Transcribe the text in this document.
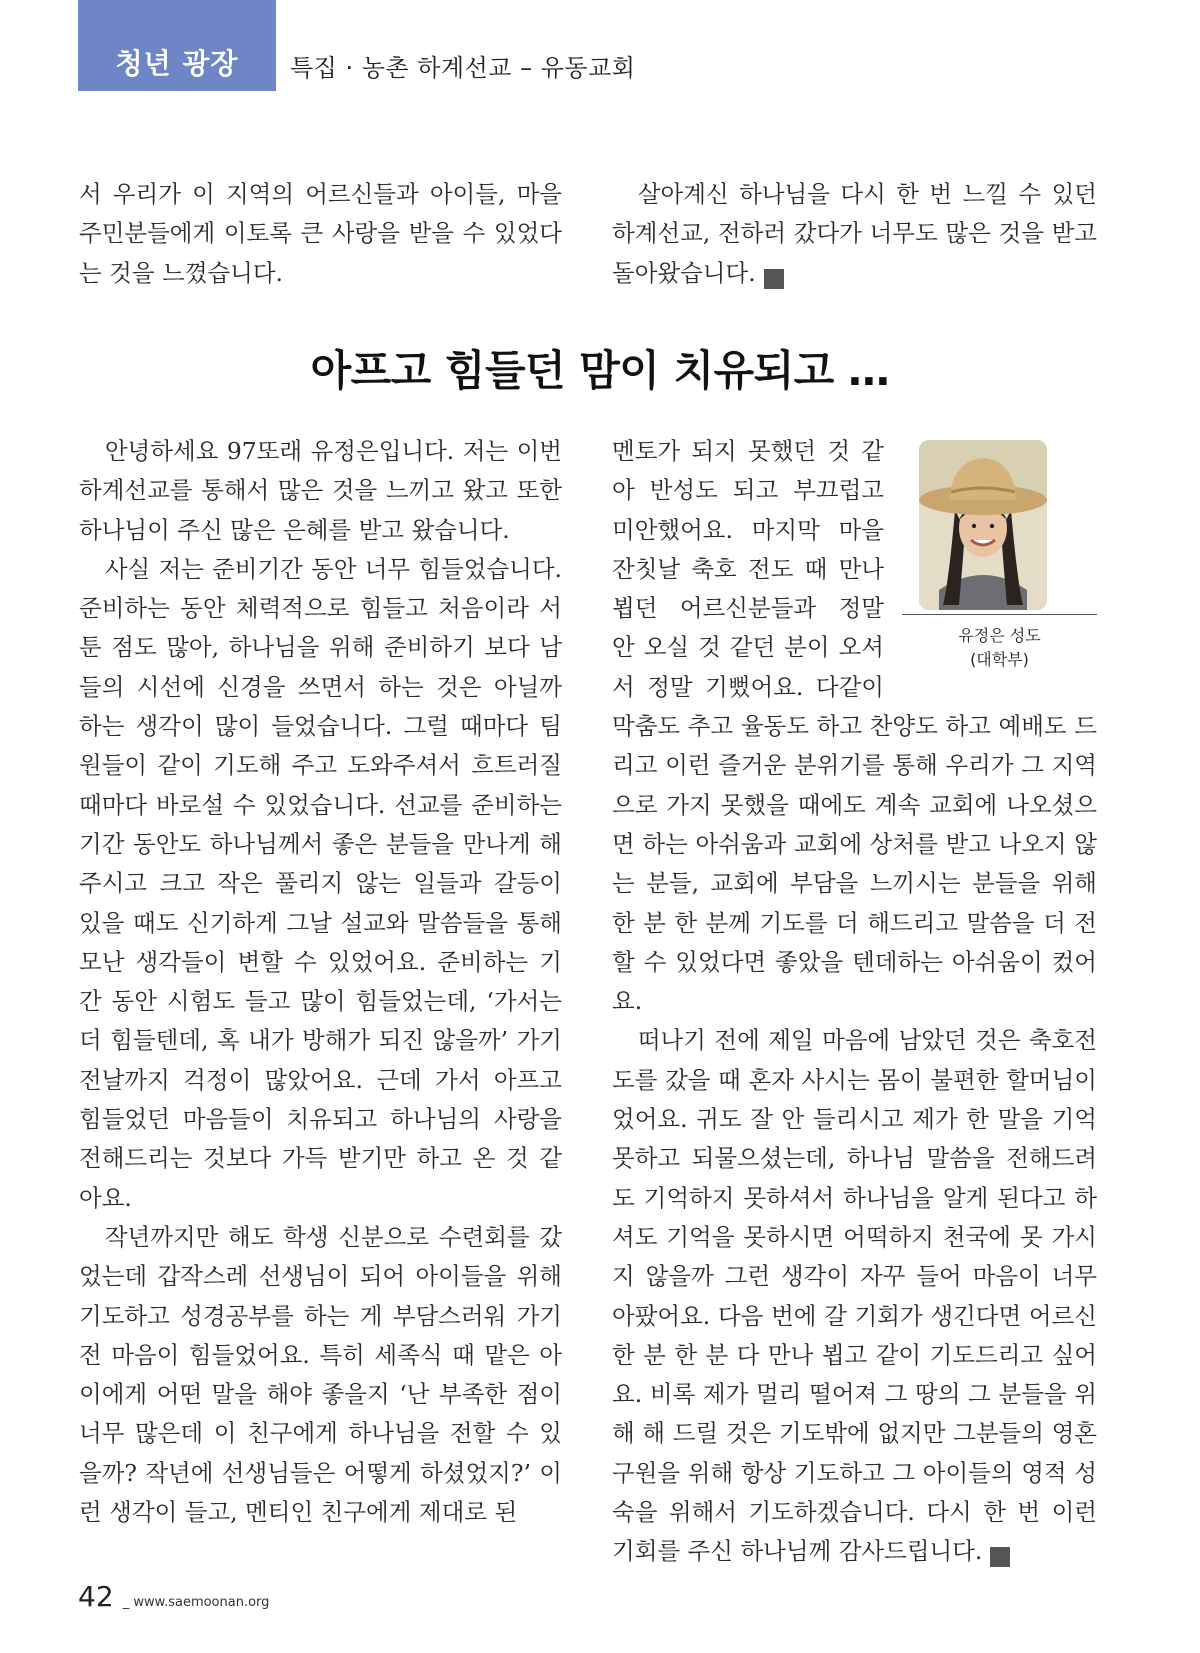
청년 광장	특집 · 농촌 하계선교 – 유동교회

서 우리가 이 지역의 어르신들과 아이들, 마을 주민분들에게 이토록 큰 사랑을 받을 수 있었다는 것을 느꼈습니다.

살아계신 하나님을 다시 한 번 느낄 수 있던 하계선교, 전하러 갔다가 너무도 많은 것을 받고 돌아왔습니다. 새

아프고 힘들던 맘이 치유되고 …

안녕하세요 97또래 유정은입니다. 저는 이번 하계선교를 통해서 많은 것을 느끼고 왔고 또한 하나님이 주신 많은 은혜를 받고 왔습니다.

사실 저는 준비기간 동안 너무 힘들었습니다. 준비하는 동안 체력적으로 힘들고 처음이라 서툰 점도 많아, 하나님을 위해 준비하기 보다 남들의 시선에 신경을 쓰면서 하는 것은 아닐까 하는 생각이 많이 들었습니다. 그럴 때마다 팀원들이 같이 기도해 주고 도와주셔서 흐트러질 때마다 바로설 수 있었습니다. 선교를 준비하는 기간 동안도 하나님께서 좋은 분들을 만나게 해주시고 크고 작은 풀리지 않는 일들과 갈등이 있을 때도 신기하게 그날 설교와 말씀들을 통해 모난 생각들이 변할 수 있었어요. 준비하는 기간 동안 시험도 들고 많이 힘들었는데, ‘가서는 더 힘들텐데, 혹 내가 방해가 되진 않을까’ 가기 전날까지 걱정이 많았어요. 근데 가서 아프고 힘들었던 마음들이 치유되고 하나님의 사랑을 전해드리는 것보다 가득 받기만 하고 온 것 같아요.

작년까지만 해도 학생 신분으로 수련회를 갔었는데 갑작스레 선생님이 되어 아이들을 위해 기도하고 성경공부를 하는 게 부담스러워 가기 전 마음이 힘들었어요. 특히 세족식 때 맡은 아이에게 어떤 말을 해야 좋을지 ‘난 부족한 점이 너무 많은데 이 친구에게 하나님을 전할 수 있을까? 작년에 선생님들은 어떻게 하셨었지?’ 이런 생각이 들고, 멘티인 친구에게 제대로 된

유정은 성도
(대학부)

멘토가 되지 못했던 것 같아 반성도 되고 부끄럽고 미안했어요. 마지막 마을 잔칫날 축호 전도 때 만나 뵙던 어르신분들과 정말 안 오실 것 같던 분이 오셔서 정말 기뻤어요. 다같이 막춤도 추고 율동도 하고 찬양도 하고 예배도 드리고 이런 즐거운 분위기를 통해 우리가 그 지역으로 가지 못했을 때에도 계속 교회에 나오셨으면 하는 아쉬움과 교회에 상처를 받고 나오지 않는 분들, 교회에 부담을 느끼시는 분들을 위해 한 분 한 분께 기도를 더 해드리고 말씀을 더 전할 수 있었다면 좋았을 텐데하는 아쉬움이 컸어요.

떠나기 전에 제일 마음에 남았던 것은 축호전도를 갔을 때 혼자 사시는 몸이 불편한 할머님이었어요. 귀도 잘 안 들리시고 제가 한 말을 기억 못하고 되물으셨는데, 하나님 말씀을 전해드려도 기억하지 못하셔서 하나님을 알게 된다고 하셔도 기억을 못하시면 어떡하지 천국에 못 가시지 않을까 그런 생각이 자꾸 들어 마음이 너무 아팠어요. 다음 번에 갈 기회가 생긴다면 어르신 한 분 한 분 다 만나 뵙고 같이 기도드리고 싶어요. 비록 제가 멀리 떨어져 그 땅의 그 분들을 위해 해 드릴 것은 기도밖에 없지만 그분들의 영혼 구원을 위해 항상 기도하고 그 아이들의 영적 성숙을 위해서 기도하겠습니다. 다시 한 번 이런 기회를 주신 하나님께 감사드립니다. 새

42 _ www.saemoonan.org
